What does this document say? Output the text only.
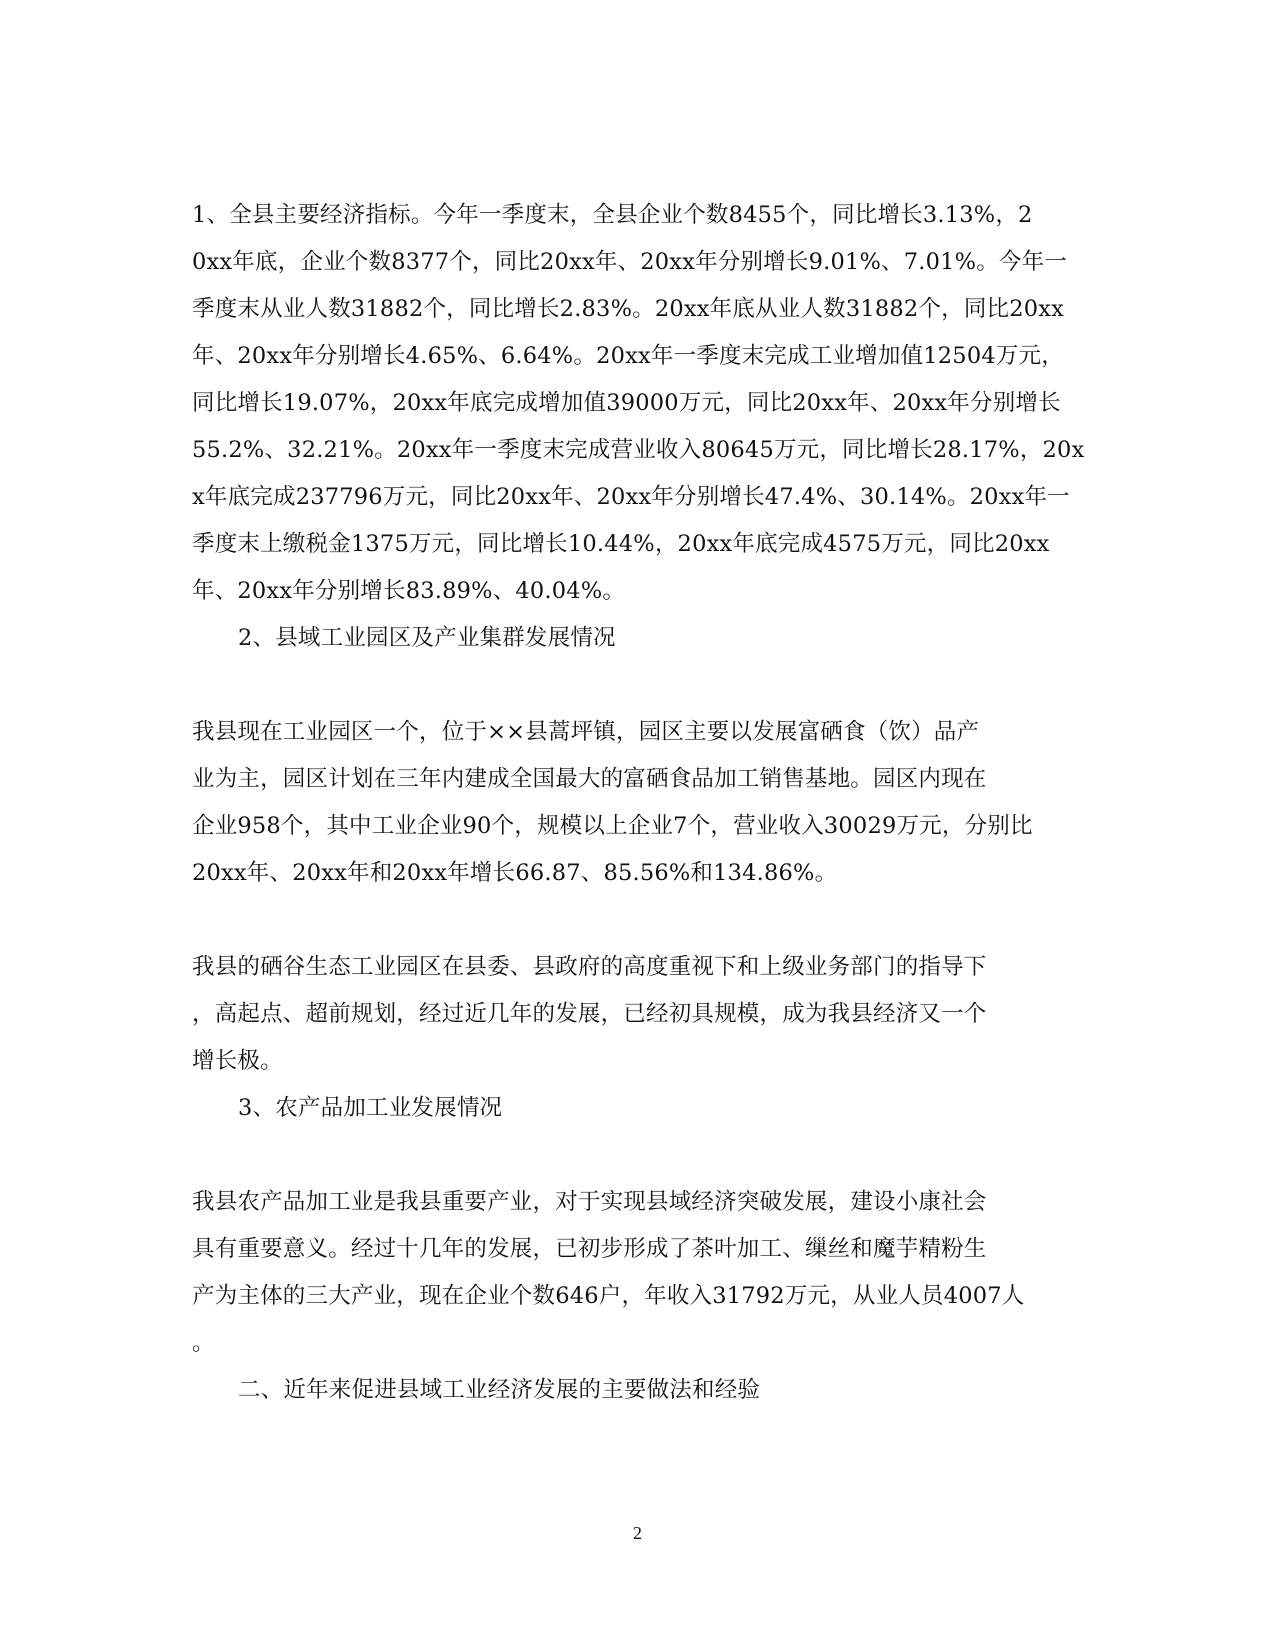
1、全县主要经济指标。今年一季度末，全县企业个数8455个，同比增长3.13%，2
0xx年底，企业个数8377个，同比20xx年、20xx年分别增长9.01%、7.01%。今年一
季度末从业人数31882个，同比增长2.83%。20xx年底从业人数31882个，同比20xx
年、20xx年分别增长4.65%、6.64%。20xx年一季度末完成工业增加值12504万元，
同比增长19.07%，20xx年底完成增加值39000万元，同比20xx年、20xx年分别增长
55.2%、32.21%。20xx年一季度末完成营业收入80645万元，同比增长28.17%，20x
x年底完成237796万元，同比20xx年、20xx年分别增长47.4%、30.14%。20xx年一
季度末上缴税金1375万元，同比增长10.44%，20xx年底完成4575万元，同比20xx
年、20xx年分别增长83.89%、40.04%。
2、县域工业园区及产业集群发展情况
我县现在工业园区一个，位于××县蒿坪镇，园区主要以发展富硒食（饮）品产
业为主，园区计划在三年内建成全国最大的富硒食品加工销售基地。园区内现在
企业958个，其中工业企业90个，规模以上企业7个，营业收入30029万元，分别比
20xx年、20xx年和20xx年增长66.87、85.56%和134.86%。
我县的硒谷生态工业园区在县委、县政府的高度重视下和上级业务部门的指导下
，高起点、超前规划，经过近几年的发展，已经初具规模，成为我县经济又一个
增长极。
3、农产品加工业发展情况
我县农产品加工业是我县重要产业，对于实现县域经济突破发展，建设小康社会
具有重要意义。经过十几年的发展，已初步形成了茶叶加工、缫丝和魔芋精粉生
产为主体的三大产业，现在企业个数646户，年收入31792万元，从业人员4007人
。
二、近年来促进县域工业经济发展的主要做法和经验
2
